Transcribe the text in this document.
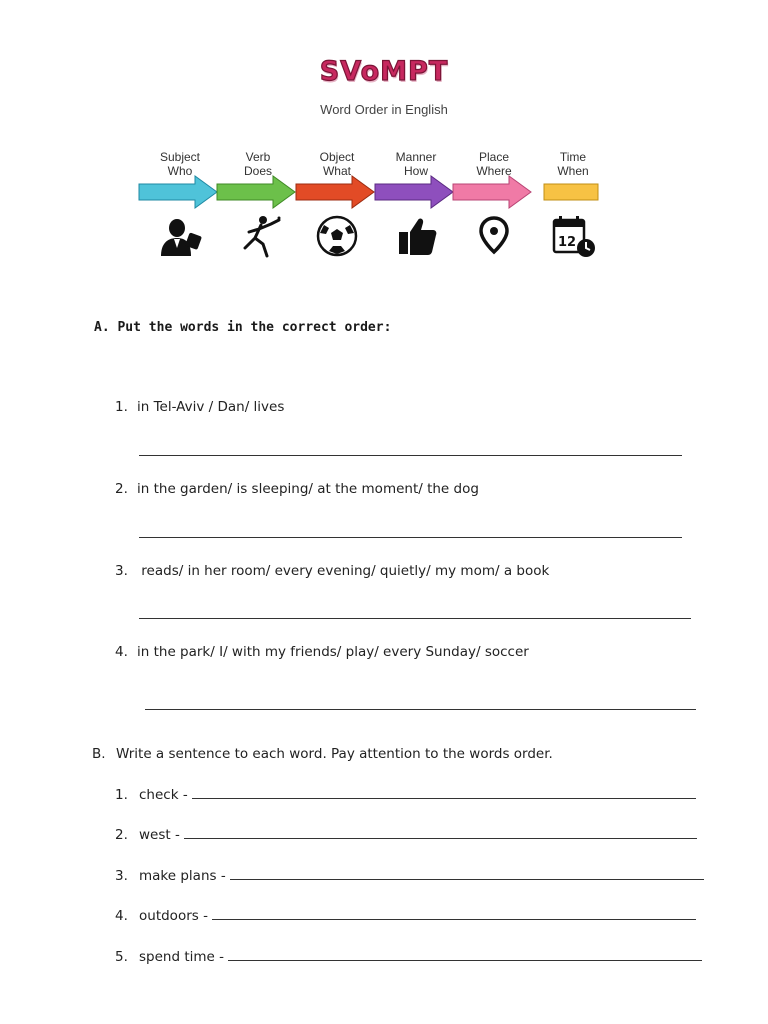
SVoMPT
Word Order in English
Subject
Who
Verb
Does
Object
What
Manner
How
Place
Where
Time
When
12
A. Put the words in the correct order:
1. in Tel-Aviv / Dan/ lives
2. in the garden/ is sleeping/ at the moment/ the dog
3. reads/ in her room/ every evening/ quietly/ my mom/ a book
4. in the park/ I/ with my friends/ play/ every Sunday/ soccer
B. Write a sentence to each word. Pay attention to the words order.
1. check -
2. west -
3. make plans -
4. outdoors -
5. spend time -
